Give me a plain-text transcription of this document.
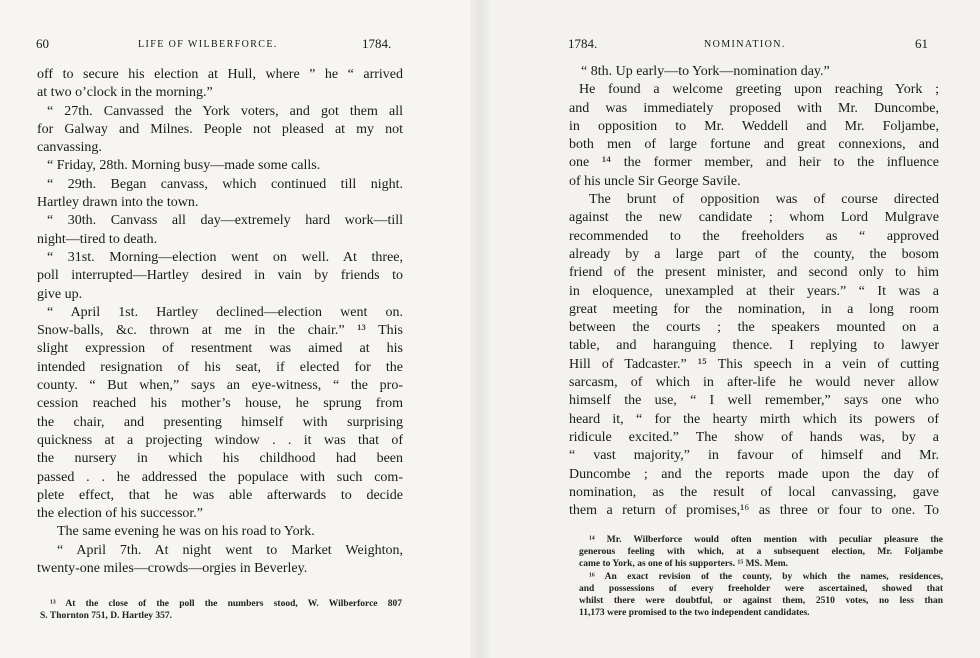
60	LIFE OF WILBERFORCE.	1784.
off to secure his election at Hull, where ” he “ arrived
at two o’clock in the morning.”
“ 27th. Canvassed the York voters, and got them all
for Galway and Milnes. People not pleased at my not
canvassing.
“ Friday, 28th. Morning busy—made some calls.
“ 29th. Began canvass, which continued till night.
Hartley drawn into the town.
“ 30th. Canvass all day—extremely hard work—till
night—tired to death.
“ 31st. Morning—election went on well. At three,
poll interrupted—Hartley desired in vain by friends to
give up.
“ April 1st. Hartley declined—election went on.
Snow-balls, &c. thrown at me in the chair.” ¹³ This
slight expression of resentment was aimed at his
intended resignation of his seat, if elected for the
county. “ But when,” says an eye-witness, “ the pro-
cession reached his mother’s house, he sprung from
the chair, and presenting himself with surprising
quickness at a projecting window . . it was that of
the nursery in which his childhood had been
passed . . he addressed the populace with such com-
plete effect, that he was able afterwards to decide
the election of his successor.”
The same evening he was on his road to York.
“ April 7th. At night went to Market Weighton,
twenty-one miles—crowds—orgies in Beverley.
¹³ At the close of the poll the numbers stood, W. Wilberforce 807
S. Thornton 751, D. Hartley 357.
1784.	NOMINATION.	61
“ 8th. Up early—to York—nomination day.”
He found a welcome greeting upon reaching York ;
and was immediately proposed with Mr. Duncombe,
in opposition to Mr. Weddell and Mr. Foljambe,
both men of large fortune and great connexions, and
one ¹⁴ the former member, and heir to the influence
of his uncle Sir George Savile.
The brunt of opposition was of course directed
against the new candidate ; whom Lord Mulgrave
recommended to the freeholders as “ approved
already by a large part of the county, the bosom
friend of the present minister, and second only to him
in eloquence, unexampled at their years.” “ It was a
great meeting for the nomination, in a long room
between the courts ; the speakers mounted on a
table, and haranguing thence. I replying to lawyer
Hill of Tadcaster.” ¹⁵ This speech in a vein of cutting
sarcasm, of which in after-life he would never allow
himself the use, “ I well remember,” says one who
heard it, “ for the hearty mirth which its powers of
ridicule excited.” The show of hands was, by a
“ vast majority,” in favour of himself and Mr.
Duncombe ; and the reports made upon the day of
nomination, as the result of local canvassing, gave
them a return of promises,¹⁶ as three or four to one. To
¹⁴ Mr. Wilberforce would often mention with peculiar pleasure the
generous feeling with which, at a subsequent election, Mr. Foljambe
came to York, as one of his supporters. ¹⁵ MS. Mem.
¹⁶ An exact revision of the county, by which the names, residences,
and possessions of every freeholder were ascertained, showed that
whilst there were doubtful, or against them, 2510 votes, no less than
11,173 were promised to the two independent candidates.
